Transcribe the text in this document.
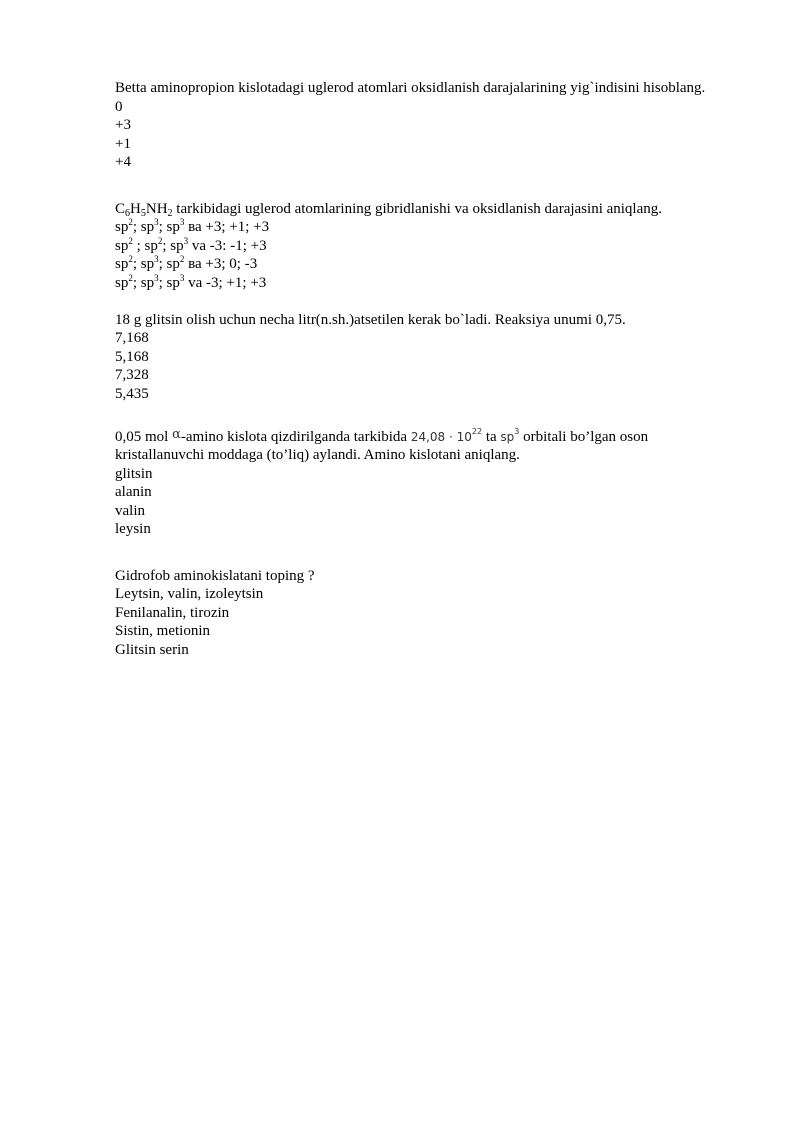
Betta aminopropion kislotadagi uglerod atomlari oksidlanish darajalarining yig`indisini hisoblang.
0
+3
+1
+4
$C_6H_5NH_2$ tarkibidagi uglerod atomlarining gibridlanishi va oksidlanish darajasini aniqlang.
$sp^2$; $sp^3$; $sp^3$ ва +3; +1; +3
$sp^2$ ; $sp^2$; $sp^3$ va -3: -1; +3
$sp^2$; $sp^3$; $sp^2$ ва +3; 0; -3
$sp^2$; $sp^3$; $sp^3$ va -3; +1; +3
18 g glitsin olish uchun necha litr(n.sh.)atsetilen kerak bo`ladi. Reaksiya unumi 0,75.
7,168
5,168
7,328
5,435
0,05 mol α-amino kislota qizdirilganda tarkibida $24,08 \cdot 10^{22}$ ta $sp^3$ orbitali bo’lgan oson kristallanuvchi moddaga (to’liq) aylandi. Amino kislotani aniqlang.
glitsin
alanin
valin
leysin
Gidrofob aminokislatani toping ?
Leytsin, valin, izoleytsin
Fenilanalin, tirozin
Sistin, metionin
Glitsin serin
